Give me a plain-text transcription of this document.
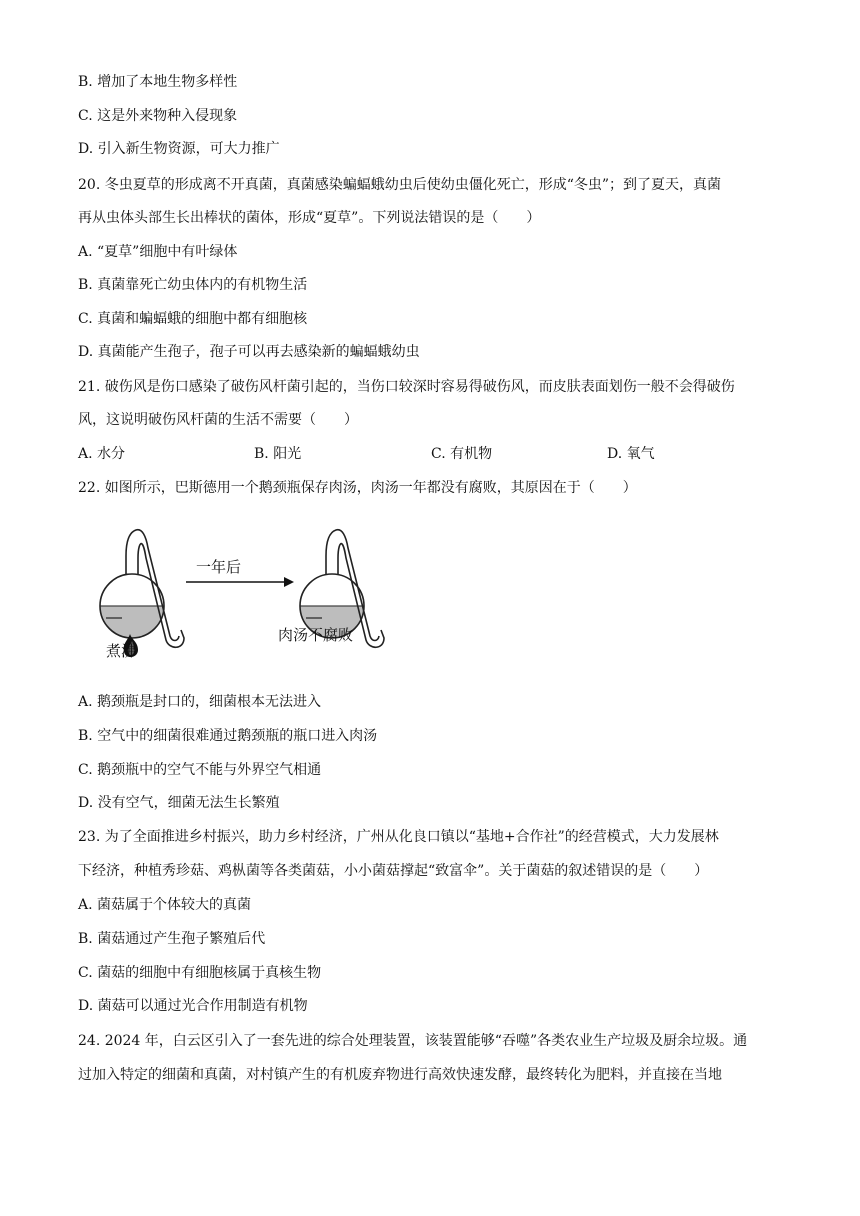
B. 增加了本地生物多样性
C. 这是外来物种入侵现象
D. 引入新生物资源，可大力推广
20. 冬虫夏草的形成离不开真菌，真菌感染蝙蝠蛾幼虫后使幼虫僵化死亡，形成“冬虫”；到了夏天，真菌
再从虫体头部生长出棒状的菌体，形成“夏草”。下列说法错误的是（　　）
A. “夏草”细胞中有叶绿体
B. 真菌靠死亡幼虫体内的有机物生活
C. 真菌和蝙蝠蛾的细胞中都有细胞核
D. 真菌能产生孢子，孢子可以再去感染新的蝙蝠蛾幼虫
21. 破伤风是伤口感染了破伤风杆菌引起的，当伤口较深时容易得破伤风，而皮肤表面划伤一般不会得破伤
风，这说明破伤风杆菌的生活不需要（　　）
A. 水分	B. 阳光	C. 有机物	D. 氧气
22. 如图所示，巴斯德用一个鹅颈瓶保存肉汤，肉汤一年都没有腐败，其原因在于（　　）
一年后
煮沸
肉汤不腐败
A. 鹅颈瓶是封口的，细菌根本无法进入
B. 空气中的细菌很难通过鹅颈瓶的瓶口进入肉汤
C. 鹅颈瓶中的空气不能与外界空气相通
D. 没有空气，细菌无法生长繁殖
23. 为了全面推进乡村振兴，助力乡村经济，广州从化良口镇以“基地+合作社”的经营模式，大力发展林
下经济，种植秀珍菇、鸡枞菌等各类菌菇，小小菌菇撑起“致富伞”。关于菌菇的叙述错误的是（　　）
A. 菌菇属于个体较大的真菌
B. 菌菇通过产生孢子繁殖后代
C. 菌菇的细胞中有细胞核属于真核生物
D. 菌菇可以通过光合作用制造有机物
24. 2024 年，白云区引入了一套先进的综合处理装置，该装置能够“吞噬”各类农业生产垃圾及厨余垃圾。通
过加入特定的细菌和真菌，对村镇产生的有机废弃物进行高效快速发酵，最终转化为肥料，并直接在当地
